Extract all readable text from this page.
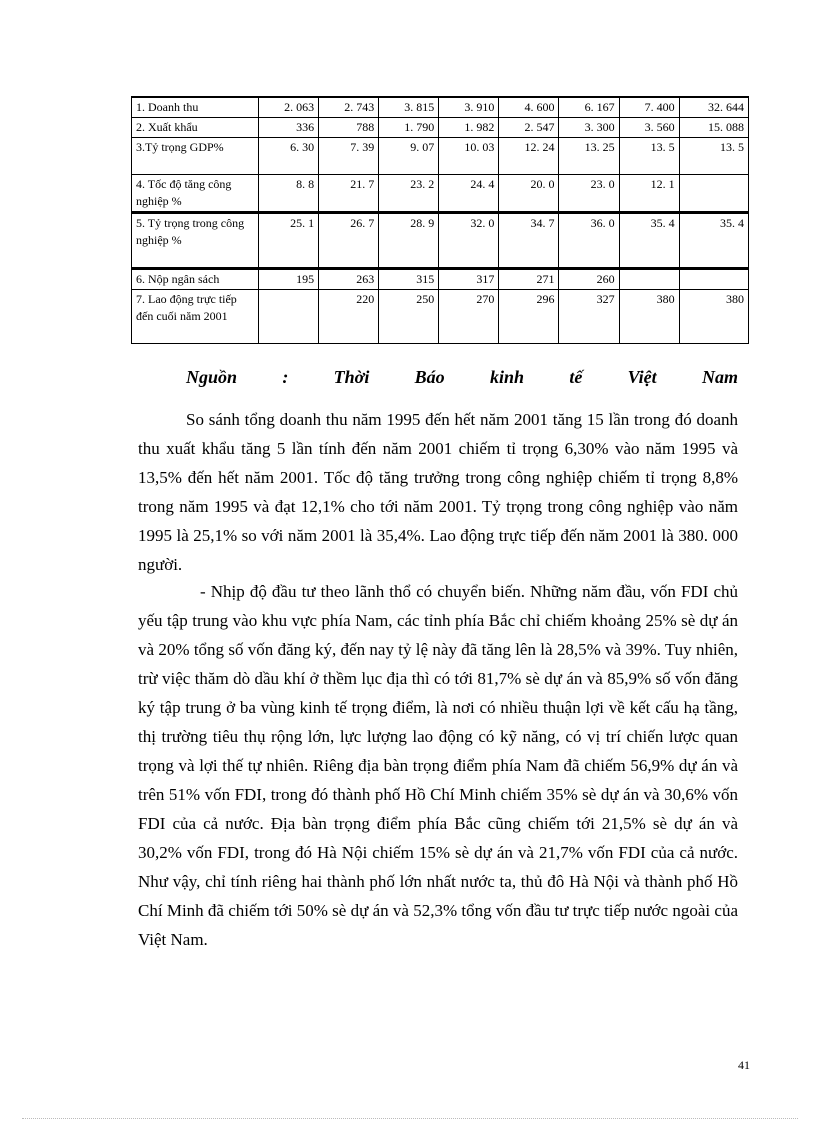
1. Doanh thu	2. 063	2. 743	3. 815	3. 910	4. 600	6. 167	7. 400	32. 644
2. Xuất khẩu	336	788	1. 790	1. 982	2. 547	3. 300	3. 560	15. 088
3.Tỷ trọng GDP%	6. 30	7. 39	9. 07	10. 03	12. 24	13. 25	13. 5	13. 5
4. Tốc độ tăng công nghiệp %	8. 8	21. 7	23. 2	24. 4	20. 0	23. 0	12. 1	
5. Tỷ trọng trong công nghiệp %	25. 1	26. 7	28. 9	32. 0	34. 7	36. 0	35. 4	35. 4
6. Nộp ngân sách	195	263	315	317	271	260		
7. Lao động trực tiếp đến cuối năm 2001		220	250	270	296	327	380	380
Nguồn	:	Thời	Báo	kinh	tế	Việt	Nam

So sánh tổng doanh thu năm 1995 đến hết năm 2001 tăng 15 lần trong đó doanh thu xuất khẩu tăng 5 lần tính đến năm 2001 chiếm tỉ trọng 6,30% vào năm 1995 và 13,5% đến hết năm 2001. Tốc độ tăng trưởng trong công nghiệp chiếm tỉ trọng 8,8% trong năm 1995 và đạt 12,1% cho tới năm 2001. Tỷ trọng trong công nghiệp vào năm 1995 là 25,1% so với năm 2001 là 35,4%. Lao động trực tiếp đến năm 2001 là 380. 000 người.

- Nhịp độ đầu tư theo lãnh thổ có chuyển biến. Những năm đầu, vốn FDI chủ yếu tập trung vào khu vực phía Nam, các tỉnh phía Bắc chỉ chiếm khoảng 25% sè dự án và 20% tổng số vốn đăng ký, đến nay tỷ lệ này đã tăng lên là 28,5% và 39%. Tuy nhiên, trừ việc thăm dò dầu khí ở thềm lục địa thì có tới 81,7% sè dự án và 85,9% số vốn đăng ký tập trung ở ba vùng kinh tế trọng điểm, là nơi có nhiều thuận lợi về kết cấu hạ tầng, thị trường tiêu thụ rộng lớn, lực lượng lao động có kỹ năng, có vị trí chiến lược quan trọng và lợi thế tự nhiên. Riêng địa bàn trọng điểm phía Nam đã chiếm 56,9% dự án và trên 51% vốn FDI, trong đó thành phố Hồ Chí Minh chiếm 35% sè dự án và 30,6% vốn FDI của cả nước. Địa bàn trọng điểm phía Bắc cũng chiếm tới 21,5% sè dự án và 30,2% vốn FDI, trong đó Hà Nội chiếm 15% sè dự án và 21,7% vốn FDI của cả nước. Như vậy, chỉ tính riêng hai thành phố lớn nhất nước ta, thủ đô Hà Nội và thành phố Hồ Chí Minh đã chiếm tới 50% sè dự án và 52,3% tổng vốn đầu tư trực tiếp nước ngoài của Việt Nam.

41
